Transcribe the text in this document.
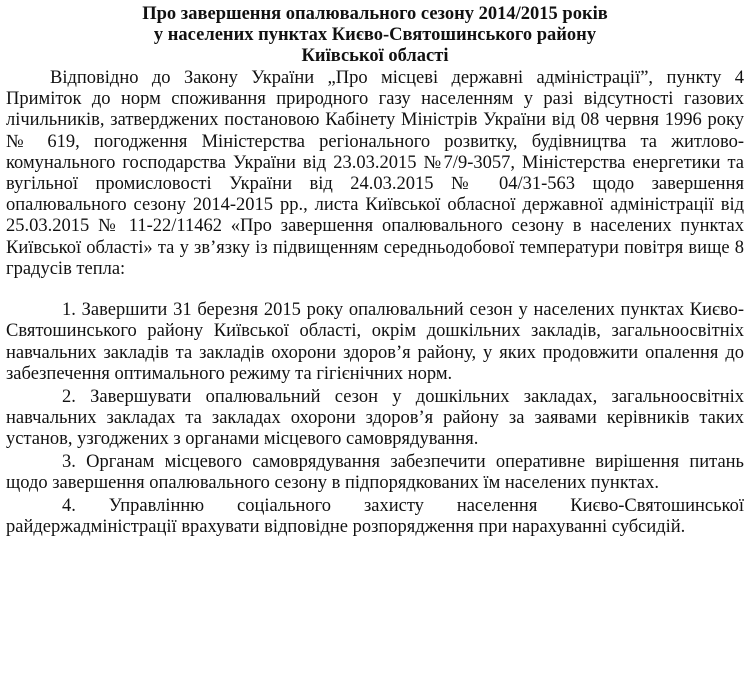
Про завершення опалювального сезону 2014/2015 років
у населених пунктах Києво-Святошинського району
Київської області

Відповідно до Закону України „Про місцеві державні адміністрації”, пункту 4 Приміток до норм споживання природного газу населенням у разі відсутності газових лічильників, затверджених постановою Кабінету Міністрів України від 08 червня 1996 року № 619, погодження Міністерства регіонального розвитку, будівництва та житлово-комунального господарства України від 23.03.2015 №7/9-3057, Міністерства енергетики та вугільної промисловості України від 24.03.2015 № 04/31-563 щодо завершення опалювального сезону 2014-2015 рр., листа Київської обласної державної адміністрації від 25.03.2015 № 11-22/11462 «Про завершення опалювального сезону в населених пунктах Київської області» та у зв’язку із підвищенням середньодобової температури повітря вище 8 градусів тепла:

1. Завершити 31 березня 2015 року опалювальний сезон у населених пунктах Києво-Святошинського району Київської області, окрім дошкільних закладів, загальноосвітніх навчальних закладів та закладів охорони здоров’я району, у яких продовжити опалення до забезпечення оптимального режиму та гігієнічних норм.

2. Завершувати опалювальний сезон у дошкільних закладах, загальноосвітніх навчальних закладах та закладах охорони здоров’я району за заявами керівників таких установ, узгоджених з органами місцевого самоврядування.

3. Органам місцевого самоврядування забезпечити оперативне вирішення питань щодо завершення опалювального сезону в підпорядкованих їм населених пунктах.

4. Управлінню соціального захисту населення Києво-Святошинської райдержадміністрації врахувати відповідне розпорядження при нарахуванні субсидій.
